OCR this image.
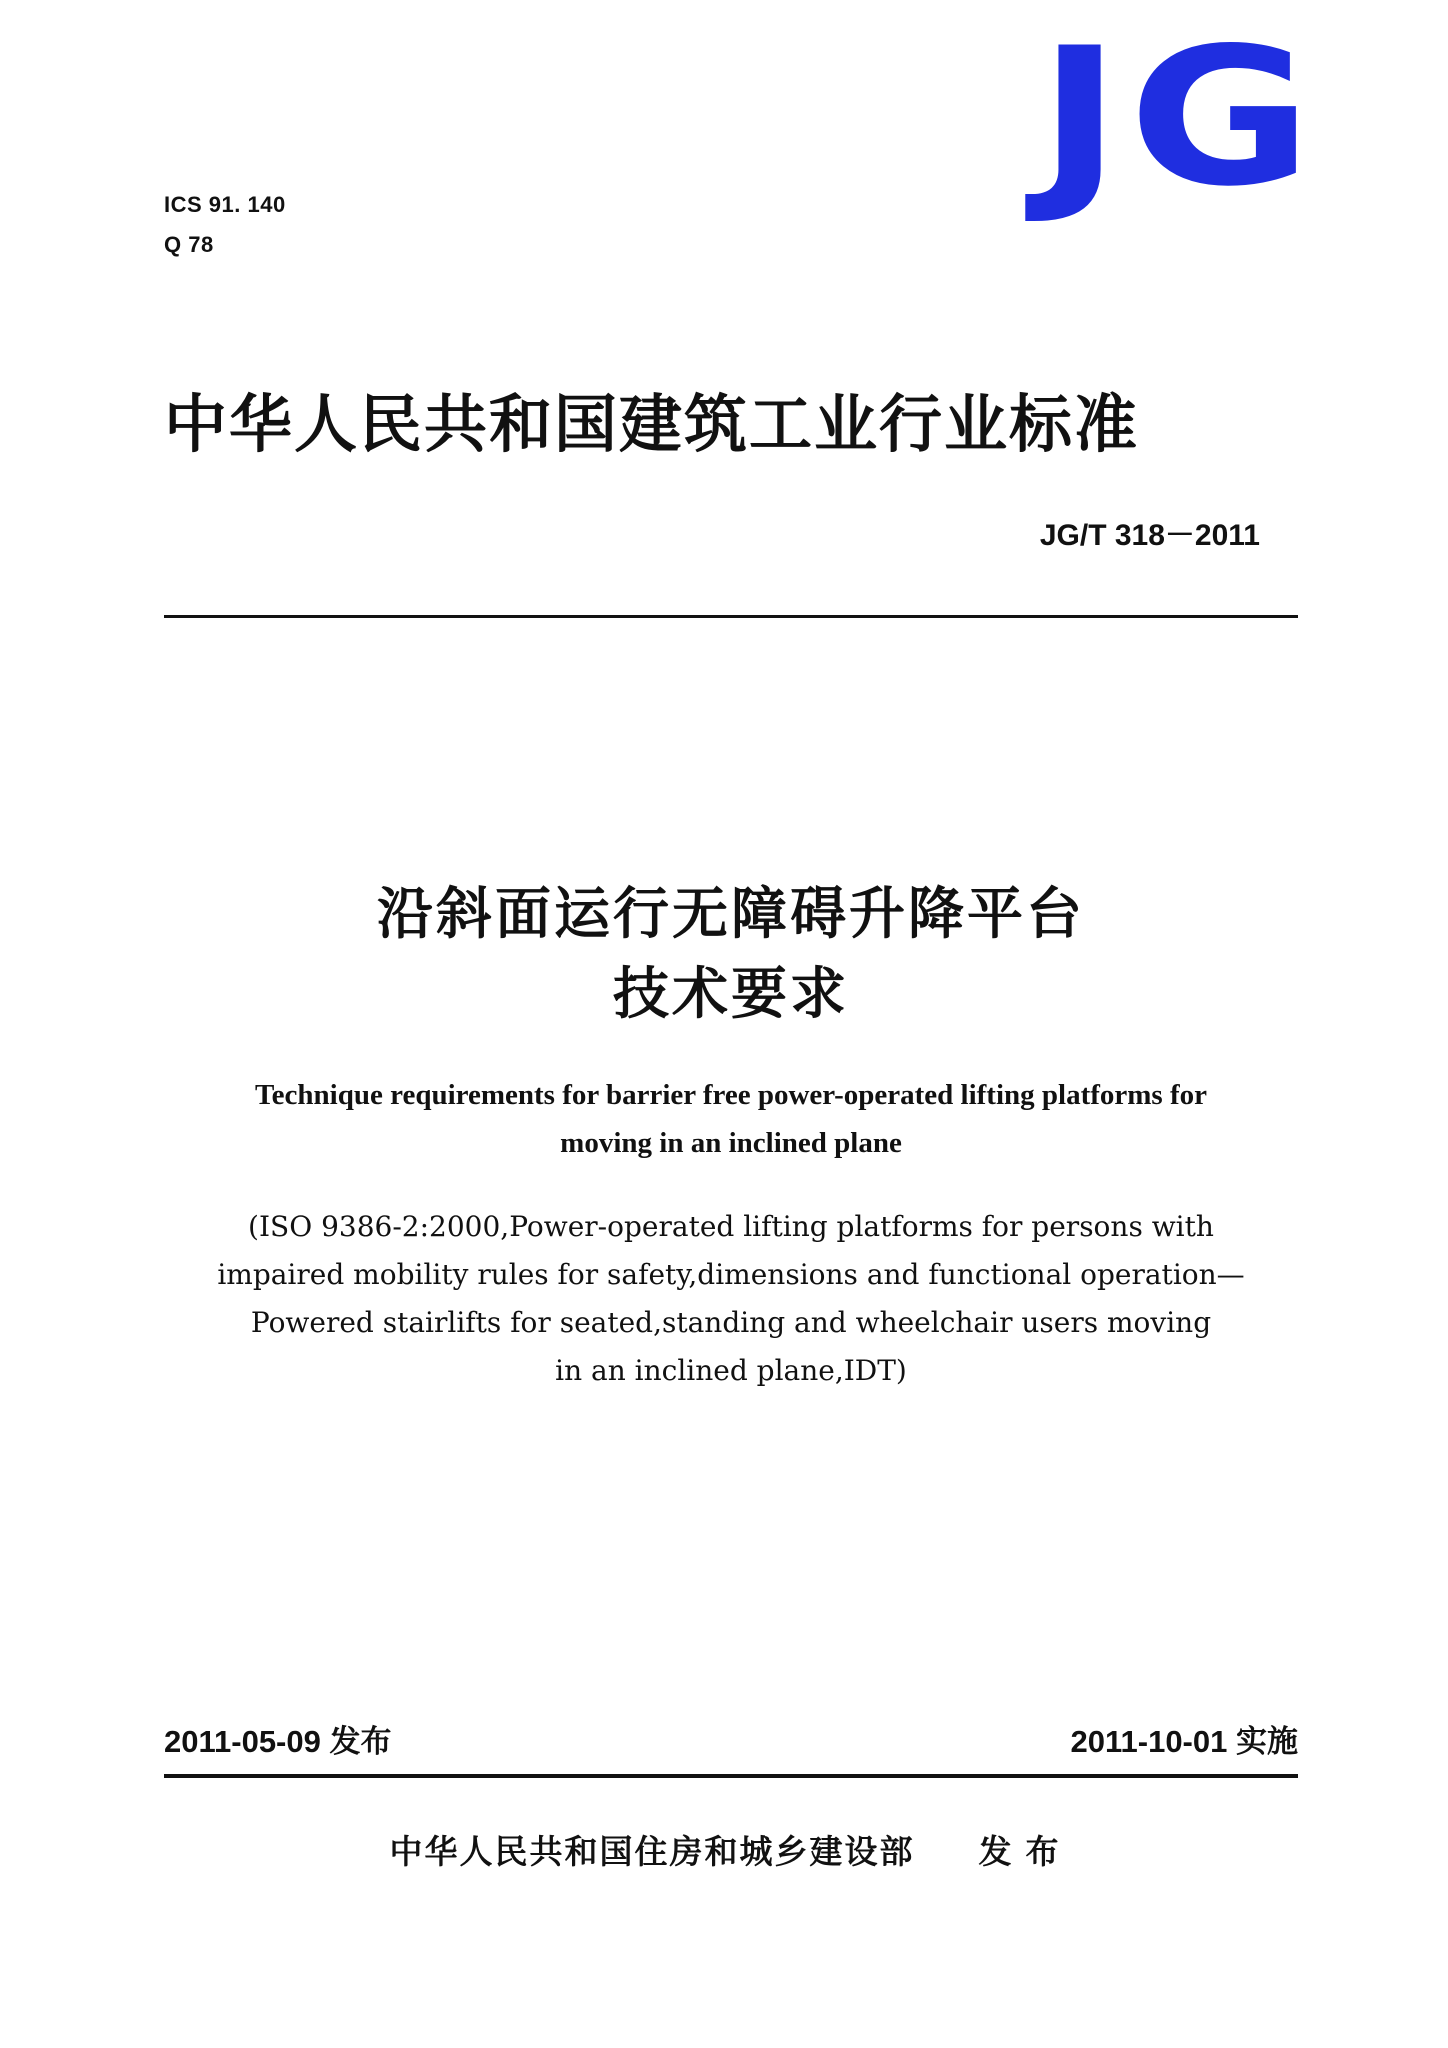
JG
ICS 91. 140
Q 78
中华人民共和国建筑工业行业标准
JG/T 318－2011
沿斜面运行无障碍升降平台
技术要求
Technique requirements for barrier free power-operated lifting platforms for
moving in an inclined plane
(ISO 9386-2:2000,Power-operated lifting platforms for persons with
impaired mobility rules for safety,dimensions and functional operation—
Powered stairlifts for seated,standing and wheelchair users moving
in an inclined plane,IDT)
2011-05-09 发布	2011-10-01 实施
中华人民共和国住房和城乡建设部 发布
